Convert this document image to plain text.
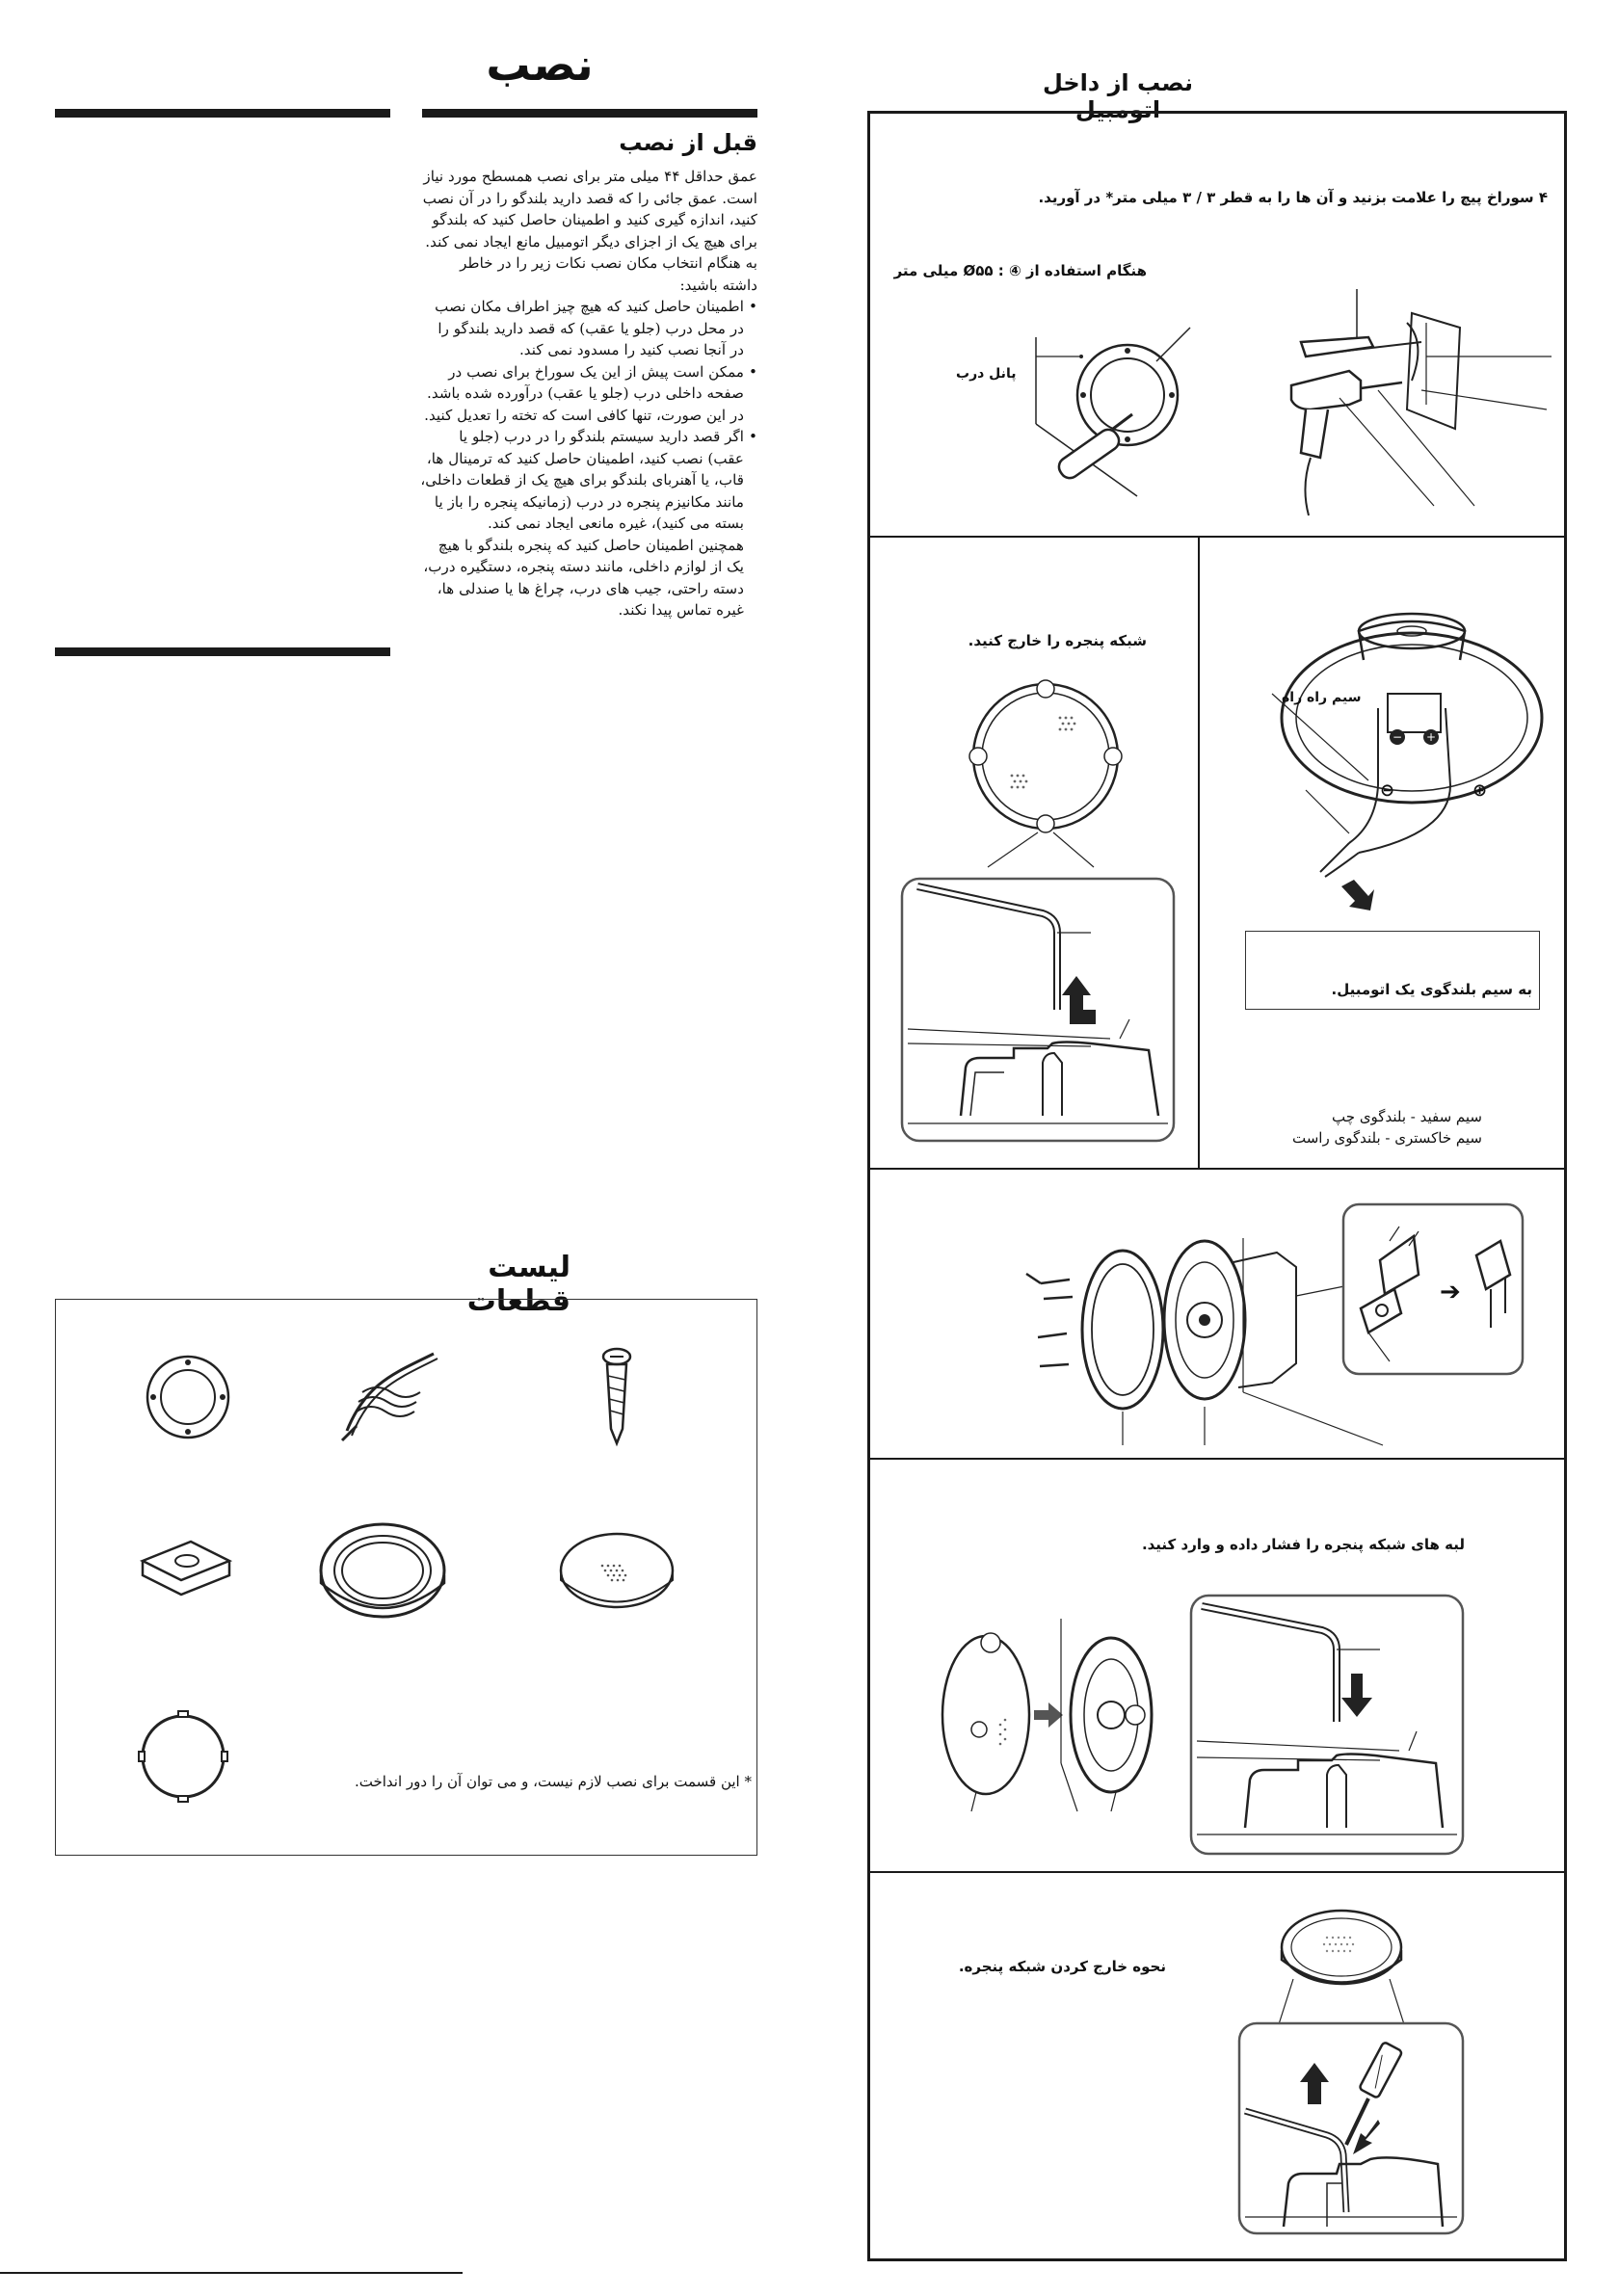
نصب
قبل از نصب

عمق حداقل ۴۴ میلی متر برای نصب همسطح مورد نیاز است. عمق جائی را که قصد دارید بلندگو را در آن نصب کنید، اندازه گیری کنید و اطمینان حاصل کنید که بلندگو برای هیچ یک از اجزای دیگر اتومبیل مانع ایجاد نمی کند. به هنگام انتخاب مکان نصب نکات زیر را در خاطر داشته باشید:

• اطمینان حاصل کنید که هیچ چیز اطراف مکان نصب در محل درب (جلو یا عقب) که قصد دارید بلندگو را در آنجا نصب کنید را مسدود نمی کند.
• ممکن است پیش از این یک سوراخ برای نصب در صفحه داخلی درب (جلو یا عقب) درآورده شده باشد. در این صورت، تنها کافی است که تخته را تعدیل کنید.
• اگر قصد دارید سیستم بلندگو را در درب (جلو یا عقب) نصب کنید، اطمینان حاصل کنید که ترمینال ها، قاب، یا آهنربای بلندگو برای هیچ یک از قطعات داخلی، مانند مکانیزم پنجره در درب (زمانیکه پنجره را باز یا بسته می کنید)، غیره مانعی ایجاد نمی کند.

همچنین اطمینان حاصل کنید که پنجره بلندگو با هیچ یک از لوازم داخلی، مانند دسته پنجره، دستگیره درب، دسته راحتی، جیب های درب، چراغ ها یا صندلی ها، غیره تماس پیدا نکند.

لیست قطعات
* این قسمت برای نصب لازم نیست، و می توان آن را دور انداخت.
نصب از داخل اتومبیل
۴ سوراخ پیچ را علامت بزنید و آن ها را به قطر ۳ / ۳ میلی متر* در آورید.
هنگام استفاده از ④ : Ø۵۵ میلی متر
پانل درب
شبکه پنجره را خارج کنید.
− +
سیم راه راه
⊖	⊕
به سیم بلندگوی یک اتومبیل.
سیم سفید - بلندگوی چپ
سیم خاکستری - بلندگوی راست
➔
لبه های شبکه پنجره را فشار داده و وارد کنید.
نحوه خارج کردن شبکه پنجره.
